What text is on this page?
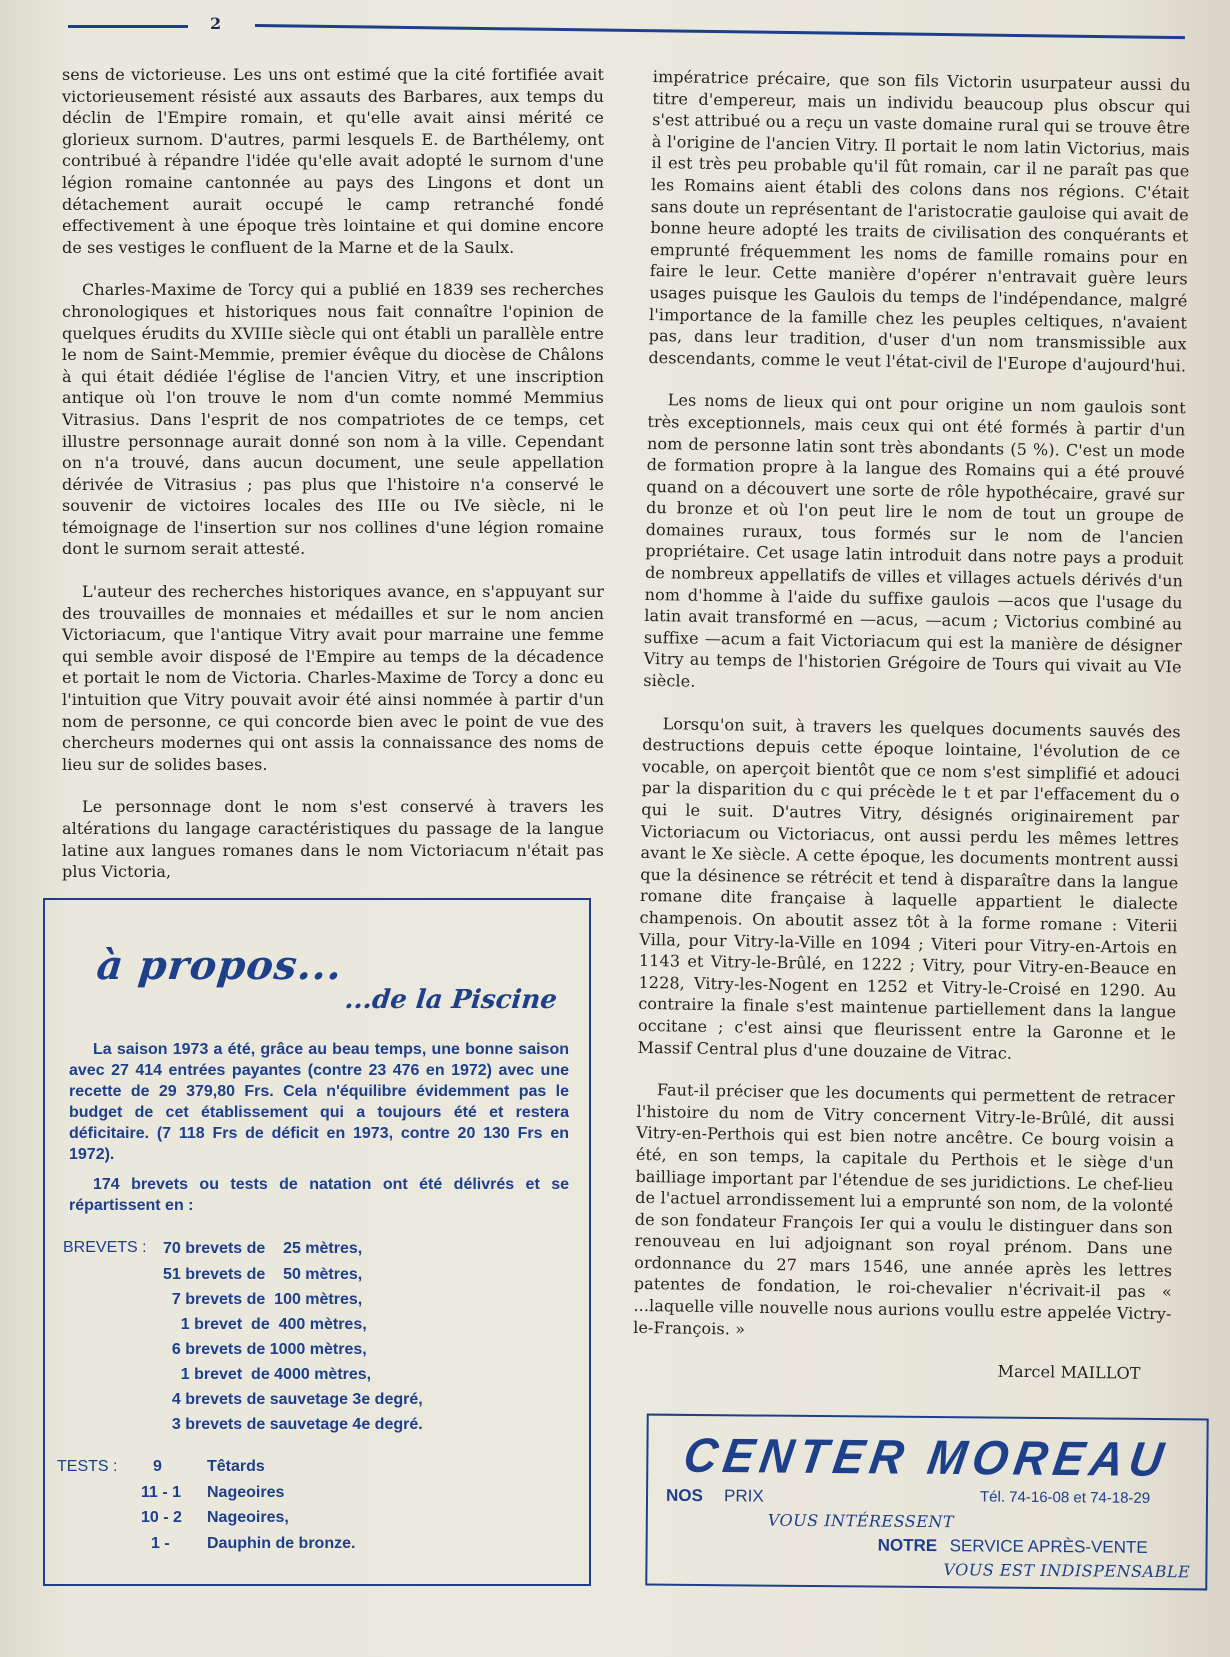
2

sens de victorieuse. Les uns ont estimé que la cité fortifiée avait victorieusement résisté aux assauts des Barbares, aux temps du déclin de l'Empire romain, et qu'elle avait ainsi mérité ce glorieux surnom. D'autres, parmi lesquels E. de Barthélemy, ont contribué à répandre l'idée qu'elle avait adopté le surnom d'une légion romaine cantonnée au pays des Lingons et dont un détachement aurait occupé le camp retranché fondé effectivement à une époque très lointaine et qui domine encore de ses vestiges le confluent de la Marne et de la Saulx.

Charles-Maxime de Torcy qui a publié en 1839 ses recherches chronologiques et historiques nous fait connaître l'opinion de quelques érudits du XVIIIe siècle qui ont établi un parallèle entre le nom de Saint-Memmie, premier évêque du diocèse de Châlons à qui était dédiée l'église de l'ancien Vitry, et une inscription antique où l'on trouve le nom d'un comte nommé Memmius Vitrasius. Dans l'esprit de nos compatriotes de ce temps, cet illustre personnage aurait donné son nom à la ville. Cependant on n'a trouvé, dans aucun document, une seule appellation dérivée de Vitrasius ; pas plus que l'histoire n'a conservé le souvenir de victoires locales des IIIe ou IVe siècle, ni le témoignage de l'insertion sur nos collines d'une légion romaine dont le surnom serait attesté.

L'auteur des recherches historiques avance, en s'appuyant sur des trouvailles de monnaies et médailles et sur le nom ancien Victoriacum, que l'antique Vitry avait pour marraine une femme qui semble avoir disposé de l'Empire au temps de la décadence et portait le nom de Victoria. Charles-Maxime de Torcy a donc eu l'intuition que Vitry pouvait avoir été ainsi nommée à partir d'un nom de personne, ce qui concorde bien avec le point de vue des chercheurs modernes qui ont assis la connaissance des noms de lieu sur de solides bases.

Le personnage dont le nom s'est conservé à travers les altérations du langage caractéristiques du passage de la langue latine aux langues romanes dans le nom Victoriacum n'était pas plus Victoria,

impératrice précaire, que son fils Victorin usurpateur aussi du titre d'empereur, mais un individu beaucoup plus obscur qui s'est attribué ou a reçu un vaste domaine rural qui se trouve être à l'origine de l'ancien Vitry. Il portait le nom latin Victorius, mais il est très peu probable qu'il fût romain, car il ne paraît pas que les Romains aient établi des colons dans nos régions. C'était sans doute un représentant de l'aristocratie gauloise qui avait de bonne heure adopté les traits de civilisation des conquérants et emprunté fréquemment les noms de famille romains pour en faire le leur. Cette manière d'opérer n'entravait guère leurs usages puisque les Gaulois du temps de l'indépendance, malgré l'importance de la famille chez les peuples celtiques, n'avaient pas, dans leur tradition, d'user d'un nom transmissible aux descendants, comme le veut l'état-civil de l'Europe d'aujourd'hui.

Les noms de lieux qui ont pour origine un nom gaulois sont très exceptionnels, mais ceux qui ont été formés à partir d'un nom de personne latin sont très abondants (5 %). C'est un mode de formation propre à la langue des Romains qui a été prouvé quand on a découvert une sorte de rôle hypothécaire, gravé sur du bronze et où l'on peut lire le nom de tout un groupe de domaines ruraux, tous formés sur le nom de l'ancien propriétaire. Cet usage latin introduit dans notre pays a produit de nombreux appellatifs de villes et villages actuels dérivés d'un nom d'homme à l'aide du suffixe gaulois —acos que l'usage du latin avait transformé en —acus, —acum ; Victorius combiné au suffixe —acum a fait Victoriacum qui est la manière de désigner Vitry au temps de l'historien Grégoire de Tours qui vivait au VIe siècle.

Lorsqu'on suit, à travers les quelques documents sauvés des destructions depuis cette époque lointaine, l'évolution de ce vocable, on aperçoit bientôt que ce nom s'est simplifié et adouci par la disparition du c qui précède le t et par l'effacement du o qui le suit. D'autres Vitry, désignés originairement par Victoriacum ou Victoriacus, ont aussi perdu les mêmes lettres avant le Xe siècle. A cette époque, les documents montrent aussi que la désinence se rétrécit et tend à disparaître dans la langue romane dite française à laquelle appartient le dialecte champenois. On aboutit assez tôt à la forme romane : Viterii Villa, pour Vitry-la-Ville en 1094 ; Viteri pour Vitry-en-Artois en 1143 et Vitry-le-Brûlé, en 1222 ; Vitry, pour Vitry-en-Beauce en 1228, Vitry-les-Nogent en 1252 et Vitry-le-Croisé en 1290. Au contraire la finale s'est maintenue partiellement dans la langue occitane ; c'est ainsi que fleurissent entre la Garonne et le Massif Central plus d'une douzaine de Vitrac.

Faut-il préciser que les documents qui permettent de retracer l'histoire du nom de Vitry concernent Vitry-le-Brûlé, dit aussi Vitry-en-Perthois qui est bien notre ancêtre. Ce bourg voisin a été, en son temps, la capitale du Perthois et le siège d'un bailliage important par l'étendue de ses juridictions. Le chef-lieu de l'actuel arrondissement lui a emprunté son nom, de la volonté de son fondateur François Ier qui a voulu le distinguer dans son renouveau en lui adjoignant son royal prénom. Dans une ordonnance du 27 mars 1546, une année après les lettres patentes de fondation, le roi-chevalier n'écrivait-il pas « ...laquelle ville nouvelle nous aurions voullu estre appelée Victry-le-François. »

Marcel MAILLOT
à propos...
...de la Piscine
La saison 1973 a été, grâce au beau temps, une bonne saison avec 27 414 entrées payantes (contre 23 476 en 1972) avec une recette de 29 379,80 Frs. Cela n'équilibre évidemment pas le budget de cet établissement qui a toujours été et restera déficitaire. (7 118 Frs de déficit en 1973, contre 20 130 Frs en 1972).
174 brevets ou tests de natation ont été délivrés et se répartissent en :
BREVETS : 70 brevets de    25 mètres,
51 brevets de    50 mètres,
7 brevets de  100 mètres,
1 brevet  de  400 mètres,
6 brevets de 1000 mètres,
1 brevet  de 4000 mètres,
4 brevets de sauvetage 3e degré,
3 brevets de sauvetage 4e degré.
TESTS : 9	Têtards
11 - 1 Nageoires
10 - 2 Nageoires,
1 - Dauphin de bronze.
CENTER MOREAU
NOS PRIX	Tél. 74-16-08 et 74-18-29
VOUS INTÉRESSENT
NOTRE SERVICE APRÈS-VENTE
VOUS EST INDISPENSABLE
